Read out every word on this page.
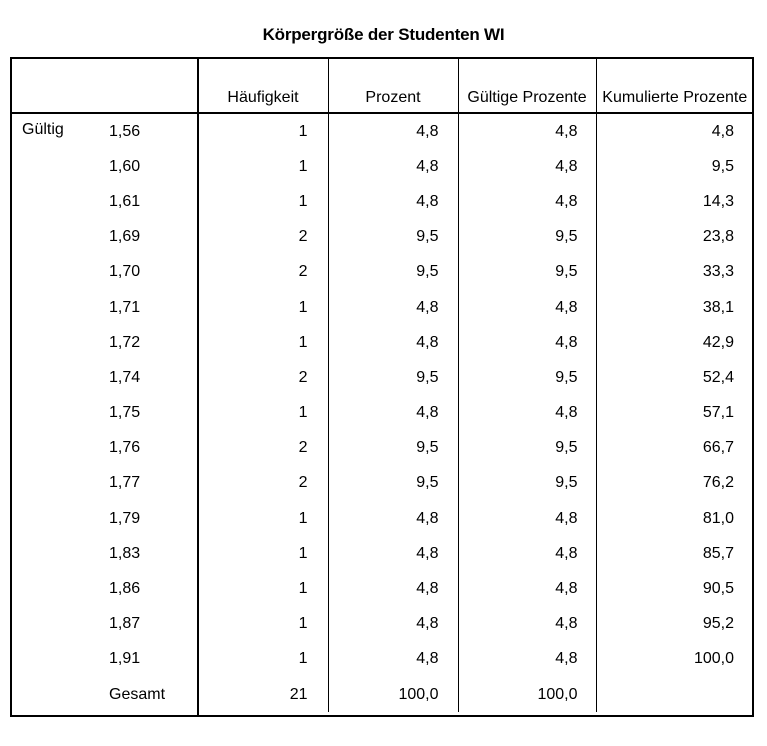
Körpergröße der Studenten WI
		Häufigkeit	Prozent	Gültige Prozente	Kumulierte Prozente

Gültig	1,56	1	4,8	4,8	4,8
	1,60	1	4,8	4,8	9,5
	1,61	1	4,8	4,8	14,3
	1,69	2	9,5	9,5	23,8
	1,70	2	9,5	9,5	33,3
	1,71	1	4,8	4,8	38,1
	1,72	1	4,8	4,8	42,9
	1,74	2	9,5	9,5	52,4
	1,75	1	4,8	4,8	57,1
	1,76	2	9,5	9,5	66,7
	1,77	2	9,5	9,5	76,2
	1,79	1	4,8	4,8	81,0
	1,83	1	4,8	4,8	85,7
	1,86	1	4,8	4,8	90,5
	1,87	1	4,8	4,8	95,2
	1,91	1	4,8	4,8	100,0
	Gesamt	21	100,0	100,0	
